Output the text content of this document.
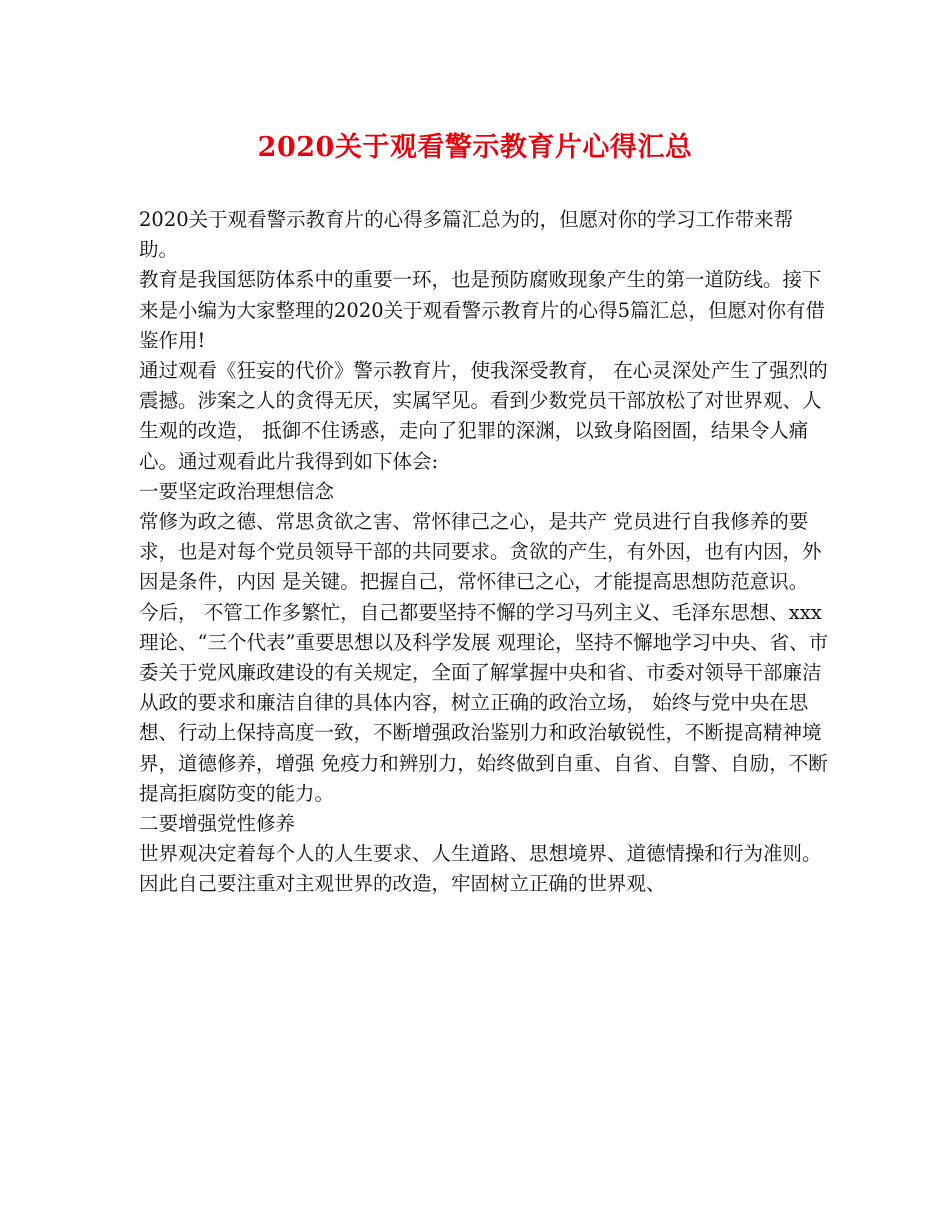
2020关于观看警示教育片心得汇总

2020关于观看警示教育片的心得多篇汇总为的，但愿对你的学习工作带来帮助。

教育是我国惩防体系中的重要一环，也是预防腐败现象产生的第一道防线。接下来是小编为大家整理的2020关于观看警示教育片的心得5篇汇总，但愿对你有借鉴作用!

通过观看《狂妄的代价》警示教育片，使我深受教育， 在心灵深处产生了强烈的震撼。涉案之人的贪得无厌，实属罕见。看到少数党员干部放松了对世界观、人生观的改造， 抵御不住诱惑，走向了犯罪的深渊，以致身陷囹圄，结果令人痛心。通过观看此片我得到如下体会:

一要坚定政治理想信念

常修为政之德、常思贪欲之害、常怀律己之心，是共产 党员进行自我修养的要求，也是对每个党员领导干部的共同要求。贪欲的产生，有外因，也有内因，外因是条件，内因 是关键。把握自己，常怀律已之心，才能提高思想防范意识。

今后， 不管工作多繁忙，自己都要坚持不懈的学习马列主义、毛泽东思想、xxx理论、“三个代表”重要思想以及科学发展 观理论，坚持不懈地学习中央、省、市委关于党风廉政建设的有关规定，全面了解掌握中央和省、市委对领导干部廉洁 从政的要求和廉洁自律的具体内容，树立正确的政治立场， 始终与党中央在思想、行动上保持高度一致，不断增强政治鉴别力和政治敏锐性，不断提高精神境界，道德修养，增强 免疫力和辨别力，始终做到自重、自省、自警、自励，不断 提高拒腐防变的能力。

二要增强党性修养

世界观决定着每个人的人生要求、人生道路、思想境界、道德情操和行为准则。因此自己要注重对主观世界的改造，牢固树立正确的世界观、
